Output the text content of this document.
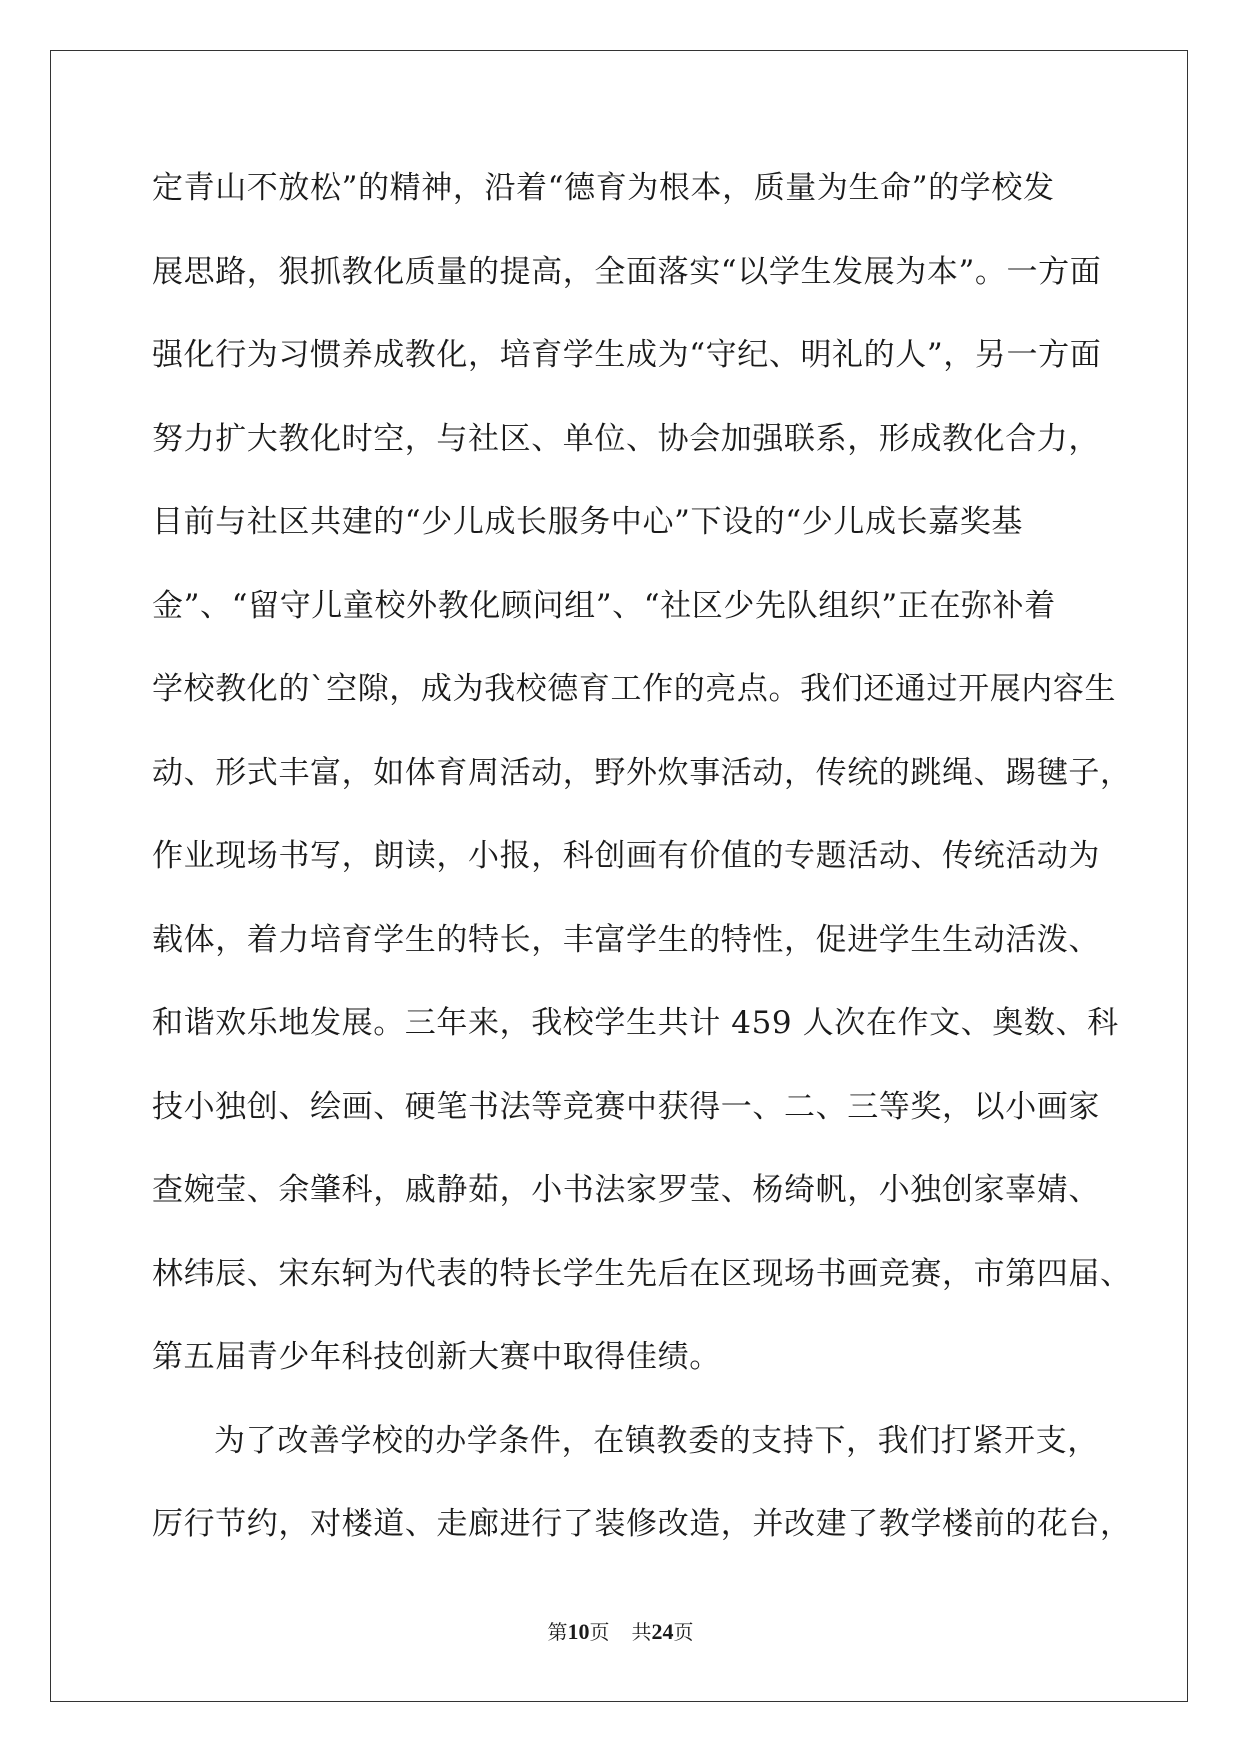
定青山不放松”的精神，沿着“德育为根本，质量为生命”的学校发
展思路，狠抓教化质量的提高，全面落实“以学生发展为本”。一方面
强化行为习惯养成教化，培育学生成为“守纪、明礼的人”，另一方面
努力扩大教化时空，与社区、单位、协会加强联系，形成教化合力，
目前与社区共建的“少儿成长服务中心”下设的“少儿成长嘉奖基
金”、“留守儿童校外教化顾问组”、“社区少先队组织”正在弥补着
学校教化的`空隙，成为我校德育工作的亮点。我们还通过开展内容生
动、形式丰富，如体育周活动，野外炊事活动，传统的跳绳、踢毽子，
作业现场书写，朗读，小报，科创画有价值的专题活动、传统活动为
载体，着力培育学生的特长，丰富学生的特性，促进学生生动活泼、
和谐欢乐地发展。三年来，我校学生共计 459 人次在作文、奥数、科
技小独创、绘画、硬笔书法等竞赛中获得一、二、三等奖，以小画家
查婉莹、余肇科，戚静茹，小书法家罗莹、杨绮帆，小独创家辜婧、
林纬辰、宋东轲为代表的特长学生先后在区现场书画竞赛，市第四届、
第五届青少年科技创新大赛中取得佳绩。
为了改善学校的办学条件，在镇教委的支持下，我们打紧开支，
厉行节约，对楼道、走廊进行了装修改造，并改建了教学楼前的花台，
第10页 共24页
